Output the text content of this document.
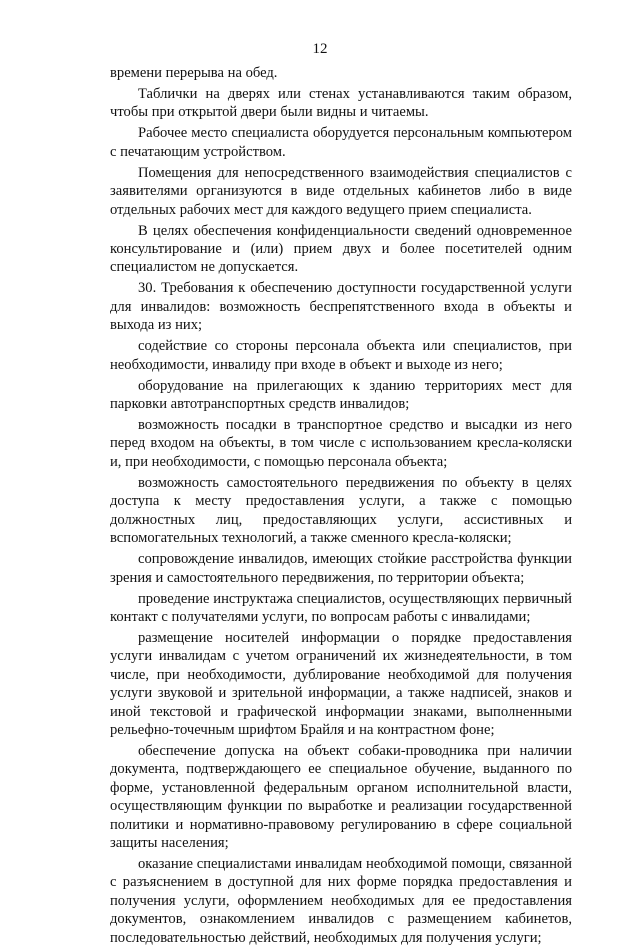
12

времени перерыва на обед.

Таблички на дверях или стенах устанавливаются таким образом, чтобы при открытой двери были видны и читаемы.

Рабочее место специалиста оборудуется персональным компьютером с печатающим устройством.

Помещения для непосредственного взаимодействия специалистов с заявителями организуются в виде отдельных кабинетов либо в виде отдельных рабочих мест для каждого ведущего прием специалиста.

В целях обеспечения конфиденциальности сведений одновременное консультирование и (или) прием двух и более посетителей одним специалистом не допускается.

30. Требования к обеспечению доступности государственной услуги для инвалидов: возможность беспрепятственного входа в объекты и выхода из них;

содействие со стороны персонала объекта или специалистов, при необходимости, инвалиду при входе в объект и выходе из него;

оборудование на прилегающих к зданию территориях мест для парковки автотранспортных средств инвалидов;

возможность посадки в транспортное средство и высадки из него перед входом на объекты, в том числе с использованием кресла-коляски и, при необходимости, с помощью персонала объекта;

возможность самостоятельного передвижения по объекту в целях доступа к месту предоставления услуги, а также с помощью должностных лиц, предоставляющих услуги, ассистивных и вспомогательных технологий, а также сменного кресла-коляски;

сопровождение инвалидов, имеющих стойкие расстройства функции зрения и самостоятельного передвижения, по территории объекта;

проведение инструктажа специалистов, осуществляющих первичный контакт с получателями услуги, по вопросам работы с инвалидами;

размещение носителей информации о порядке предоставления услуги инвалидам с учетом ограничений их жизнедеятельности, в том числе, при необходимости, дублирование необходимой для получения услуги звуковой и зрительной информации, а также надписей, знаков и иной текстовой и графической информации знаками, выполненными рельефно-точечным шрифтом Брайля и на контрастном фоне;

обеспечение допуска на объект собаки-проводника при наличии документа, подтверждающего ее специальное обучение, выданного по форме, установленной федеральным органом исполнительной власти, осуществляющим функции по выработке и реализации государственной политики и нормативно-правовому регулированию в сфере социальной защиты населения;

оказание специалистами инвалидам необходимой помощи, связанной с разъяснением в доступной для них форме порядка предоставления и получения услуги, оформлением необходимых для ее предоставления документов, ознакомлением инвалидов с размещением кабинетов, последовательностью действий, необходимых для получения услуги;
